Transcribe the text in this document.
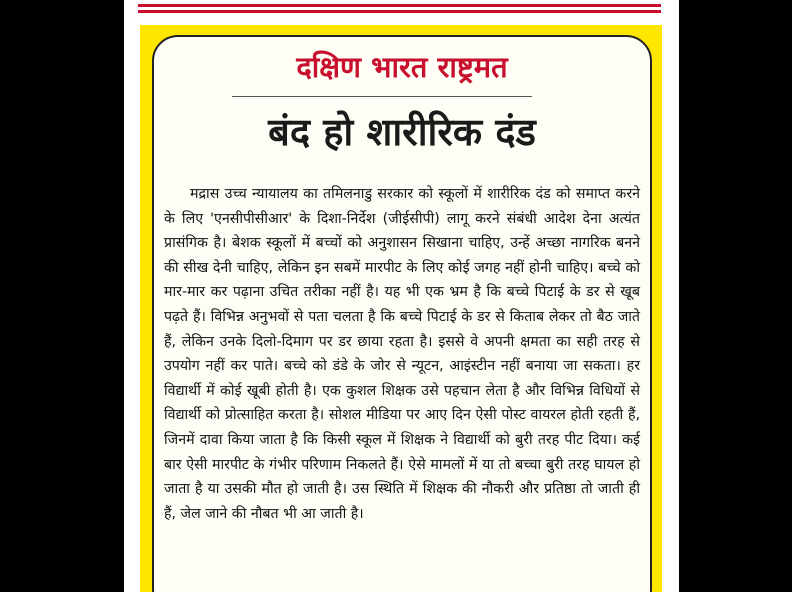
दक्षिण भारत राष्ट्रमत
बंद हो शारीरिक दंड

मद्रास उच्च न्यायालय का तमिलनाडु सरकार को स्कूलों में शारीरिक दंड को समाप्त करने के लिए 'एनसीपीसीआर' के दिशा-निर्देश (जीईसीपी) लागू करने संबंधी आदेश देना अत्यंत प्रासंगिक है। बेशक स्कूलों में बच्चों को अनुशासन सिखाना चाहिए, उन्हें अच्छा नागरिक बनने की सीख देनी चाहिए, लेकिन इन सबमें मारपीट के लिए कोई जगह नहीं होनी चाहिए। बच्चे को मार-मार कर पढ़ाना उचित तरीका नहीं है। यह भी एक भ्रम है कि बच्चे पिटाई के डर से खूब पढ़ते हैं। विभिन्न अनुभवों से पता चलता है कि बच्चे पिटाई के डर से किताब लेकर तो बैठ जाते हैं, लेकिन उनके दिलो-दिमाग पर डर छाया रहता है। इससे वे अपनी क्षमता का सही तरह से उपयोग नहीं कर पाते। बच्चे को डंडे के जोर से न्यूटन, आइंस्टीन नहीं बनाया जा सकता। हर विद्यार्थी में कोई खूबी होती है। एक कुशल शिक्षक उसे पहचान लेता है और विभिन्न विधियों से विद्यार्थी को प्रोत्साहित करता है। सोशल मीडिया पर आए दिन ऐसी पोस्ट वायरल होती रहती हैं, जिनमें दावा किया जाता है कि किसी स्कूल में शिक्षक ने विद्यार्थी को बुरी तरह पीट दिया। कई बार ऐसी मारपीट के गंभीर परिणाम निकलते हैं। ऐसे मामलों में या तो बच्चा बुरी तरह घायल हो जाता है या उसकी मौत हो जाती है। उस स्थिति में शिक्षक की नौकरी और प्रतिष्ठा तो जाती ही हैं, जेल जाने की नौबत भी आ जाती है।
